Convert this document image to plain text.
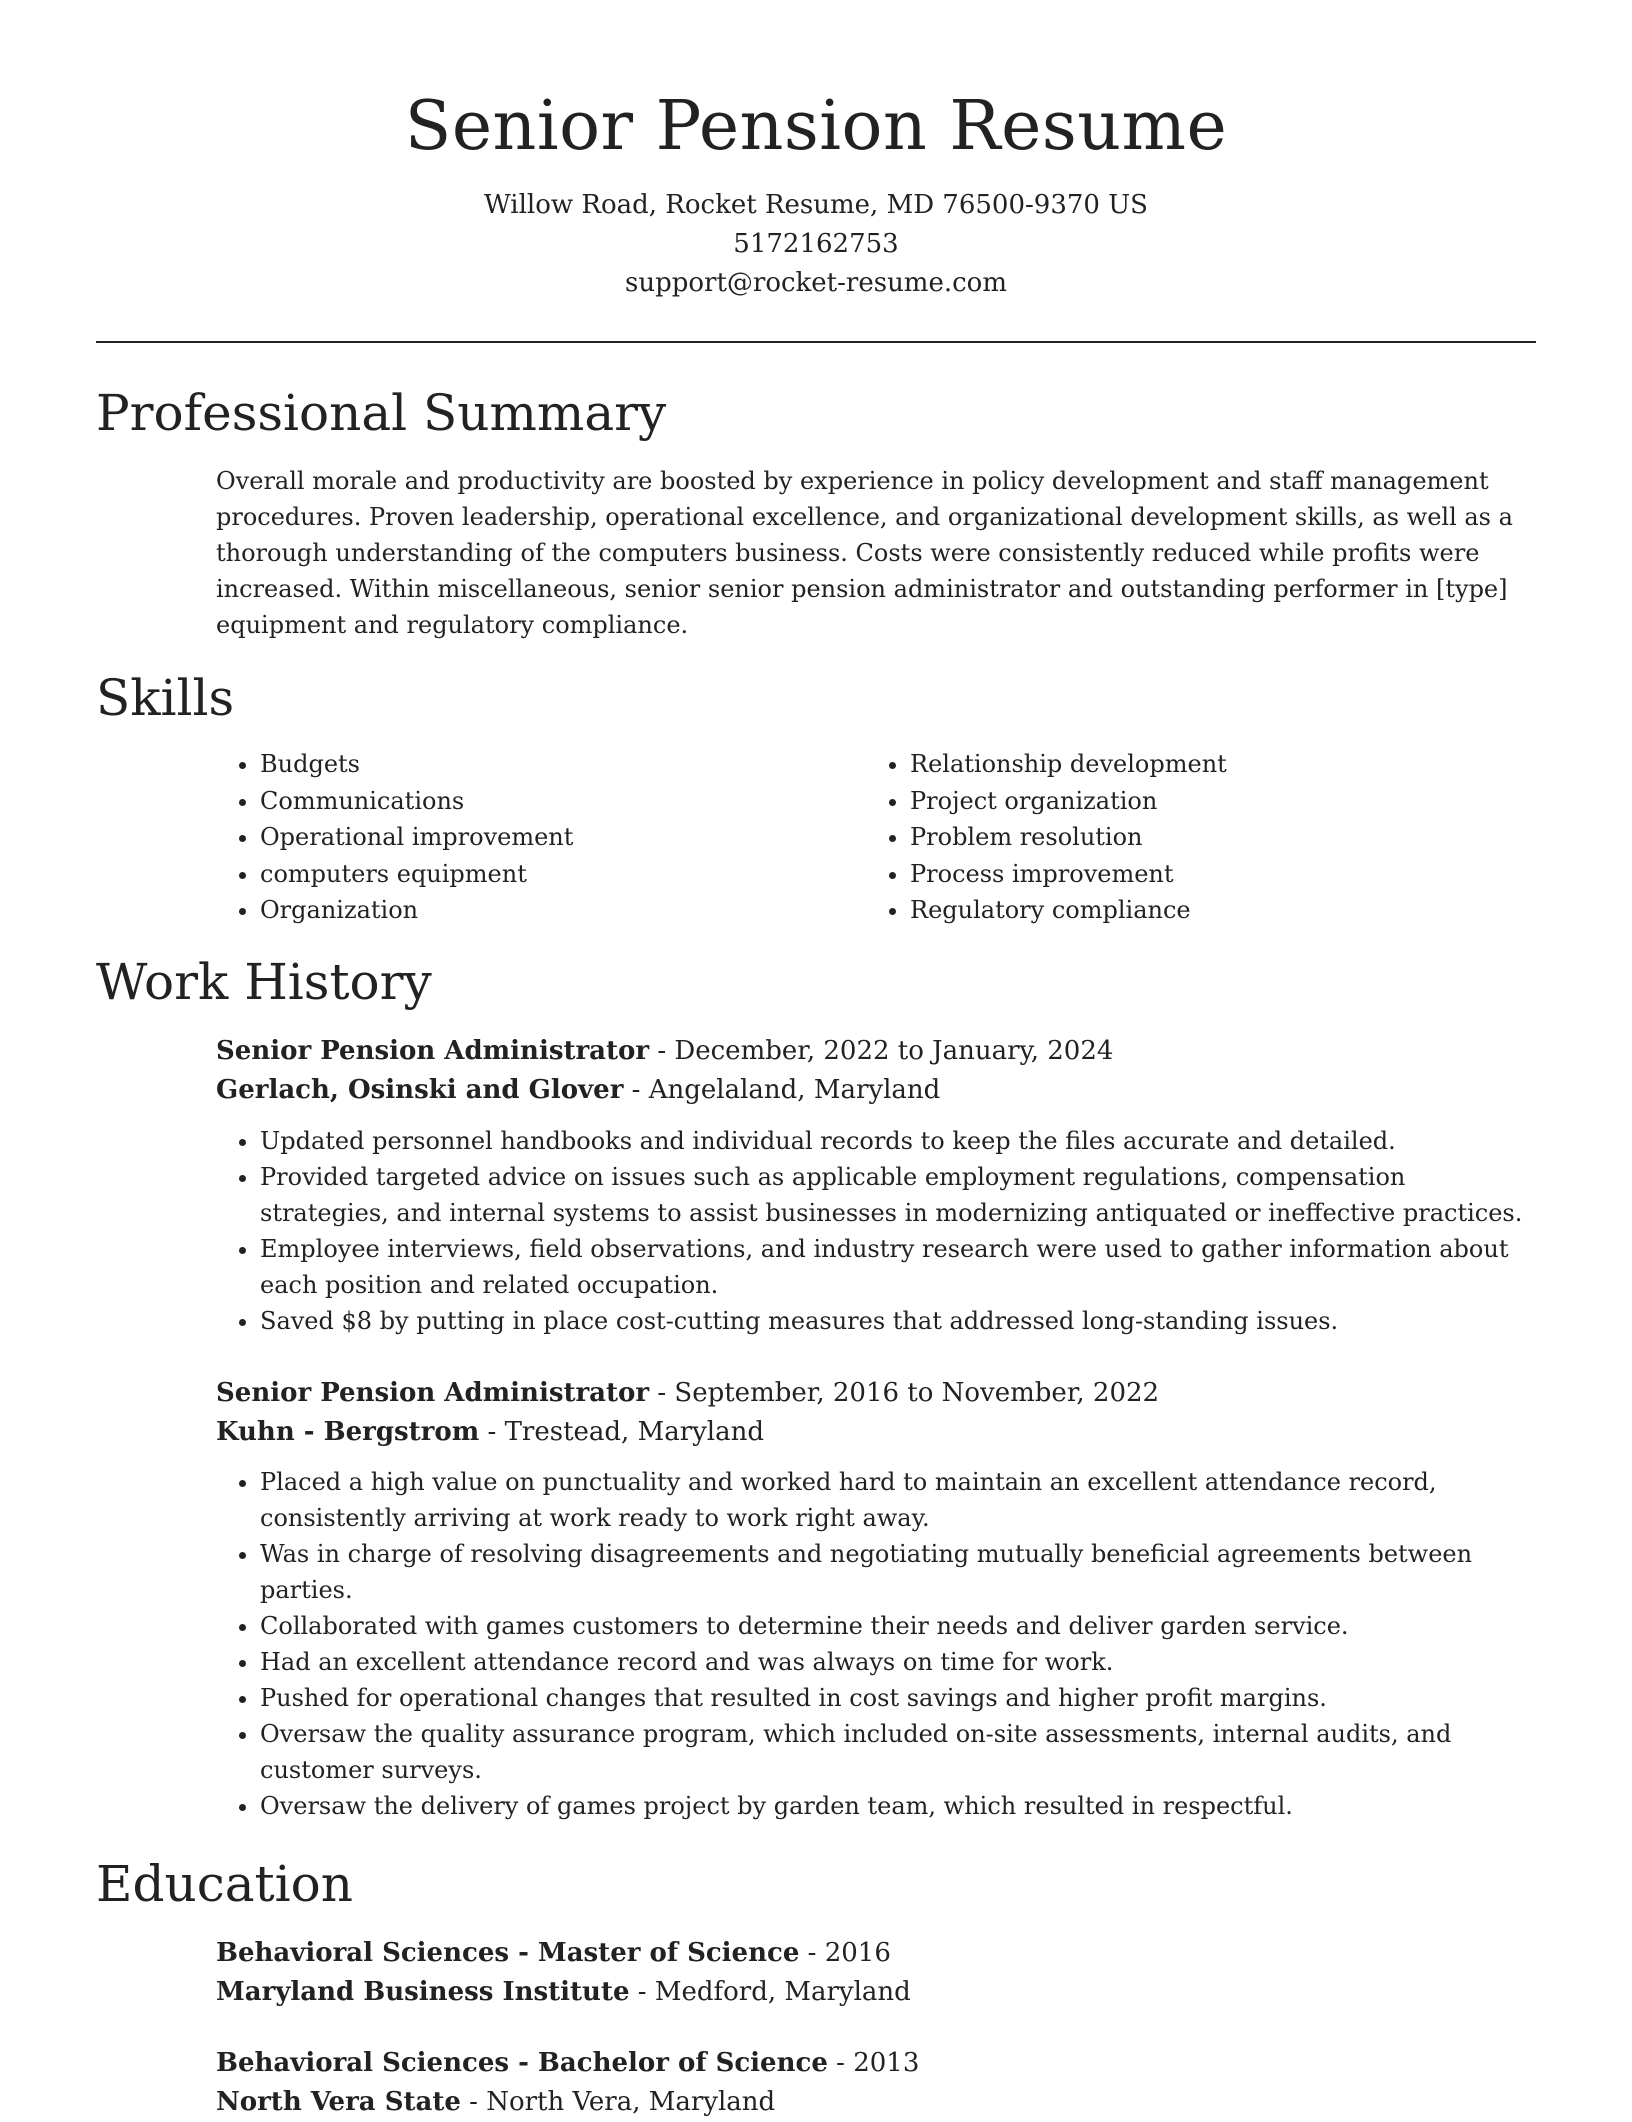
Senior Pension Resume

Willow Road, Rocket Resume, MD 76500-9370 US

5172162753

support@rocket-resume.com

Professional Summary

Overall morale and productivity are boosted by experience in policy development and staff management procedures. Proven leadership, operational excellence, and organizational development skills, as well as a thorough understanding of the computers business. Costs were consistently reduced while profits were increased. Within miscellaneous, senior senior pension administrator and outstanding performer in [type] equipment and regulatory compliance.

Skills
• Budgets
• Communications
• Operational improvement
• computers equipment
• Organization
• Relationship development
• Project organization
• Problem resolution
• Process improvement
• Regulatory compliance
Work History

Senior Pension Administrator - December, 2022 to January, 2024

Gerlach, Osinski and Glover - Angelaland, Maryland

• Updated personnel handbooks and individual records to keep the files accurate and detailed.
• Provided targeted advice on issues such as applicable employment regulations, compensation strategies, and internal systems to assist businesses in modernizing antiquated or ineffective practices.
• Employee interviews, field observations, and industry research were used to gather information about each position and related occupation.
• Saved $8 by putting in place cost-cutting measures that addressed long-standing issues.

Senior Pension Administrator - September, 2016 to November, 2022

Kuhn - Bergstrom - Trestead, Maryland

• Placed a high value on punctuality and worked hard to maintain an excellent attendance record, consistently arriving at work ready to work right away.
• Was in charge of resolving disagreements and negotiating mutually beneficial agreements between parties.
• Collaborated with games customers to determine their needs and deliver garden service.
• Had an excellent attendance record and was always on time for work.
• Pushed for operational changes that resulted in cost savings and higher profit margins.
• Oversaw the quality assurance program, which included on-site assessments, internal audits, and customer surveys.
• Oversaw the delivery of games project by garden team, which resulted in respectful.
Education

Behavioral Sciences - Master of Science - 2016

Maryland Business Institute - Medford, Maryland

Behavioral Sciences - Bachelor of Science - 2013

North Vera State - North Vera, Maryland
